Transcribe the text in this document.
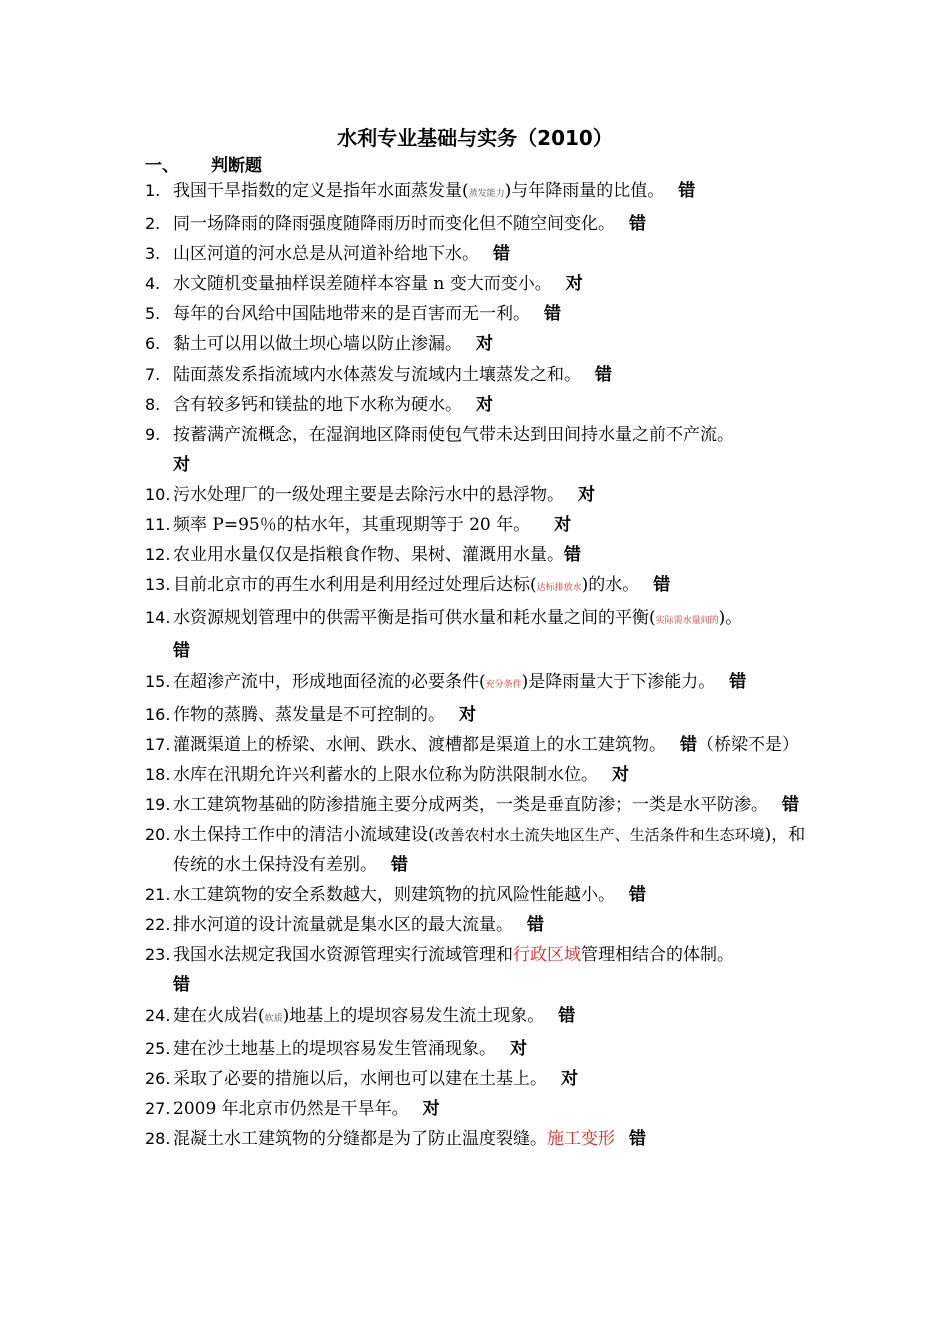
水利专业基础与实务（2010）
一、 判断题
1. 我国干旱指数的定义是指年水面蒸发量(蒸发能力)与年降雨量的比值。 错
2. 同一场降雨的降雨强度随降雨历时而变化但不随空间变化。 错
3. 山区河道的河水总是从河道补给地下水。 错
4. 水文随机变量抽样误差随样本容量 n 变大而变小。 对
5. 每年的台风给中国陆地带来的是百害而无一利。 错
6. 黏土可以用以做土坝心墙以防止渗漏。 对
7. 陆面蒸发系指流域内水体蒸发与流域内土壤蒸发之和。 错
8. 含有较多钙和镁盐的地下水称为硬水。 对
9. 按蓄满产流概念，在湿润地区降雨使包气带未达到田间持水量之前不产流。
对
10. 污水处理厂的一级处理主要是去除污水中的悬浮物。 对
11. 频率 P=95％的枯水年，其重现期等于 20 年。 对
12. 农业用水量仅仅是指粮食作物、果树、灌溉用水量。错
13. 目前北京市的再生水利用是利用经过处理后达标(达标排放水)的水。 错
14. 水资源规划管理中的供需平衡是指可供水量和耗水量之间的平衡(实际需水量间的)。
错
15. 在超渗产流中，形成地面径流的必要条件(充分条件)是降雨量大于下渗能力。 错
16. 作物的蒸腾、蒸发量是不可控制的。 对
17. 灌溉渠道上的桥梁、水闸、跌水、渡槽都是渠道上的水工建筑物。 错（桥梁不是）
18. 水库在汛期允许兴利蓄水的上限水位称为防洪限制水位。 对
19. 水工建筑物基础的防渗措施主要分成两类，一类是垂直防渗；一类是水平防渗。 错
20. 水土保持工作中的清洁小流域建设(改善农村水土流失地区生产、生活条件和生态环境)，和传统的水土保持没有差别。 错
21. 水工建筑物的安全系数越大，则建筑物的抗风险性能越小。 错
22. 排水河道的设计流量就是集水区的最大流量。 错
23. 我国水法规定我国水资源管理实行流域管理和行政区域管理相结合的体制。
错
24. 建在火成岩(软质)地基上的堤坝容易发生流土现象。 错
25. 建在沙土地基上的堤坝容易发生管涌现象。 对
26. 采取了必要的措施以后，水闸也可以建在土基上。 对
27. 2009 年北京市仍然是干旱年。 对
28. 混凝土水工建筑物的分缝都是为了防止温度裂缝。施工变形 错
